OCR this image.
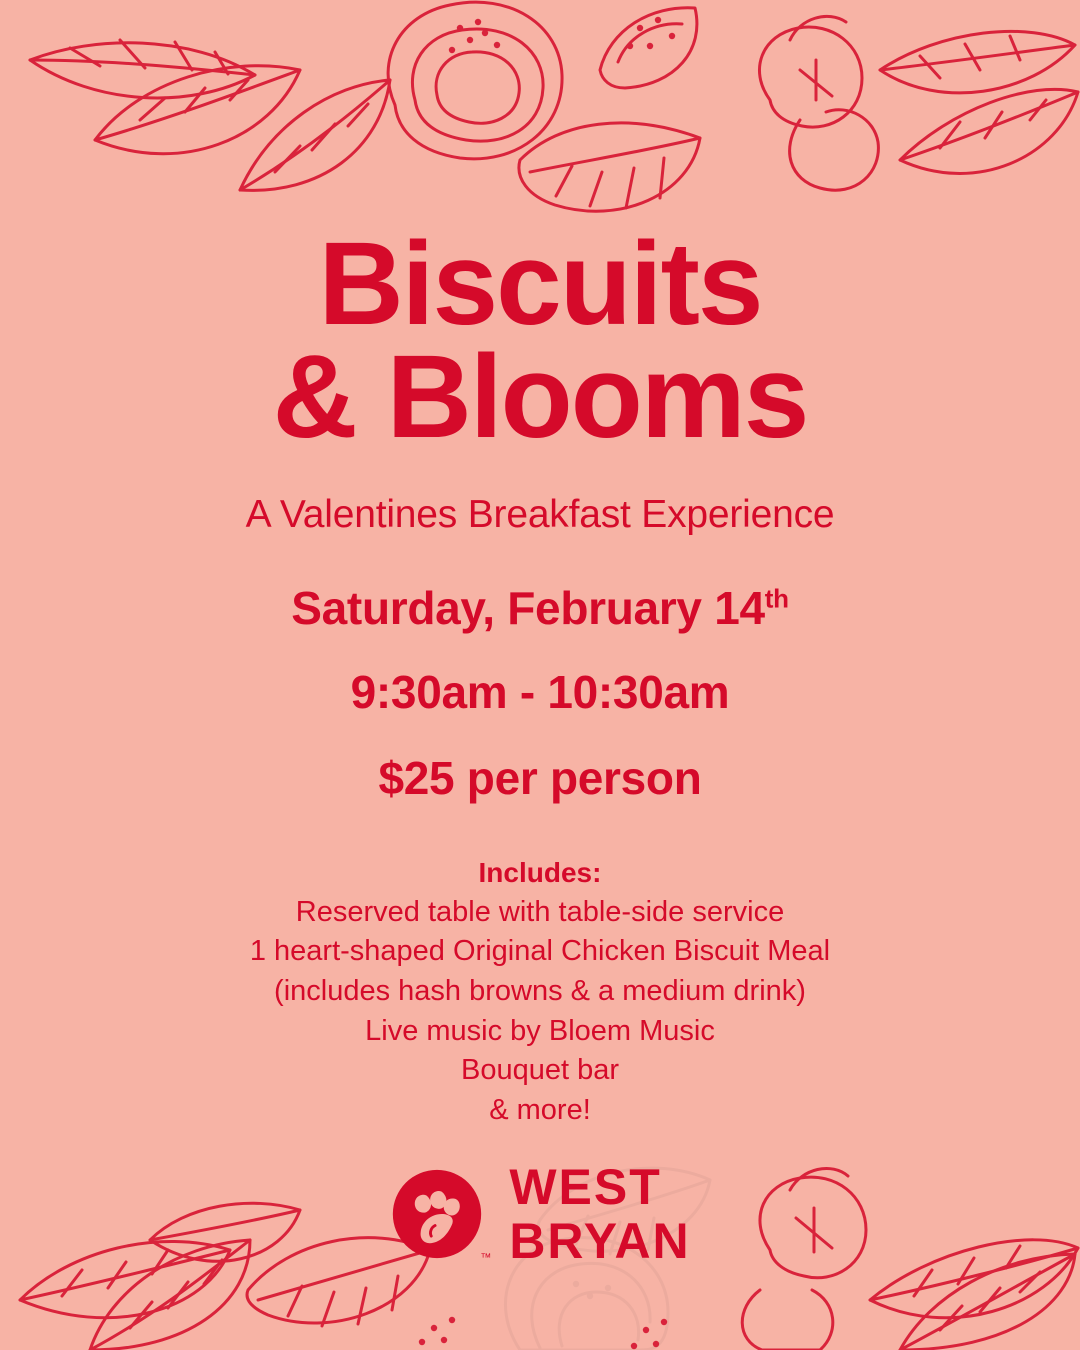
Biscuits
& Blooms
A Valentines Breakfast Experience
Saturday, February 14th
9:30am - 10:30am
$25 per person
Includes:
Reserved table with table-side service
1 heart-shaped Original Chicken Biscuit Meal
(includes hash browns & a medium drink)
Live music by Bloem Music
Bouquet bar
& more!
™
WEST
BRYAN
